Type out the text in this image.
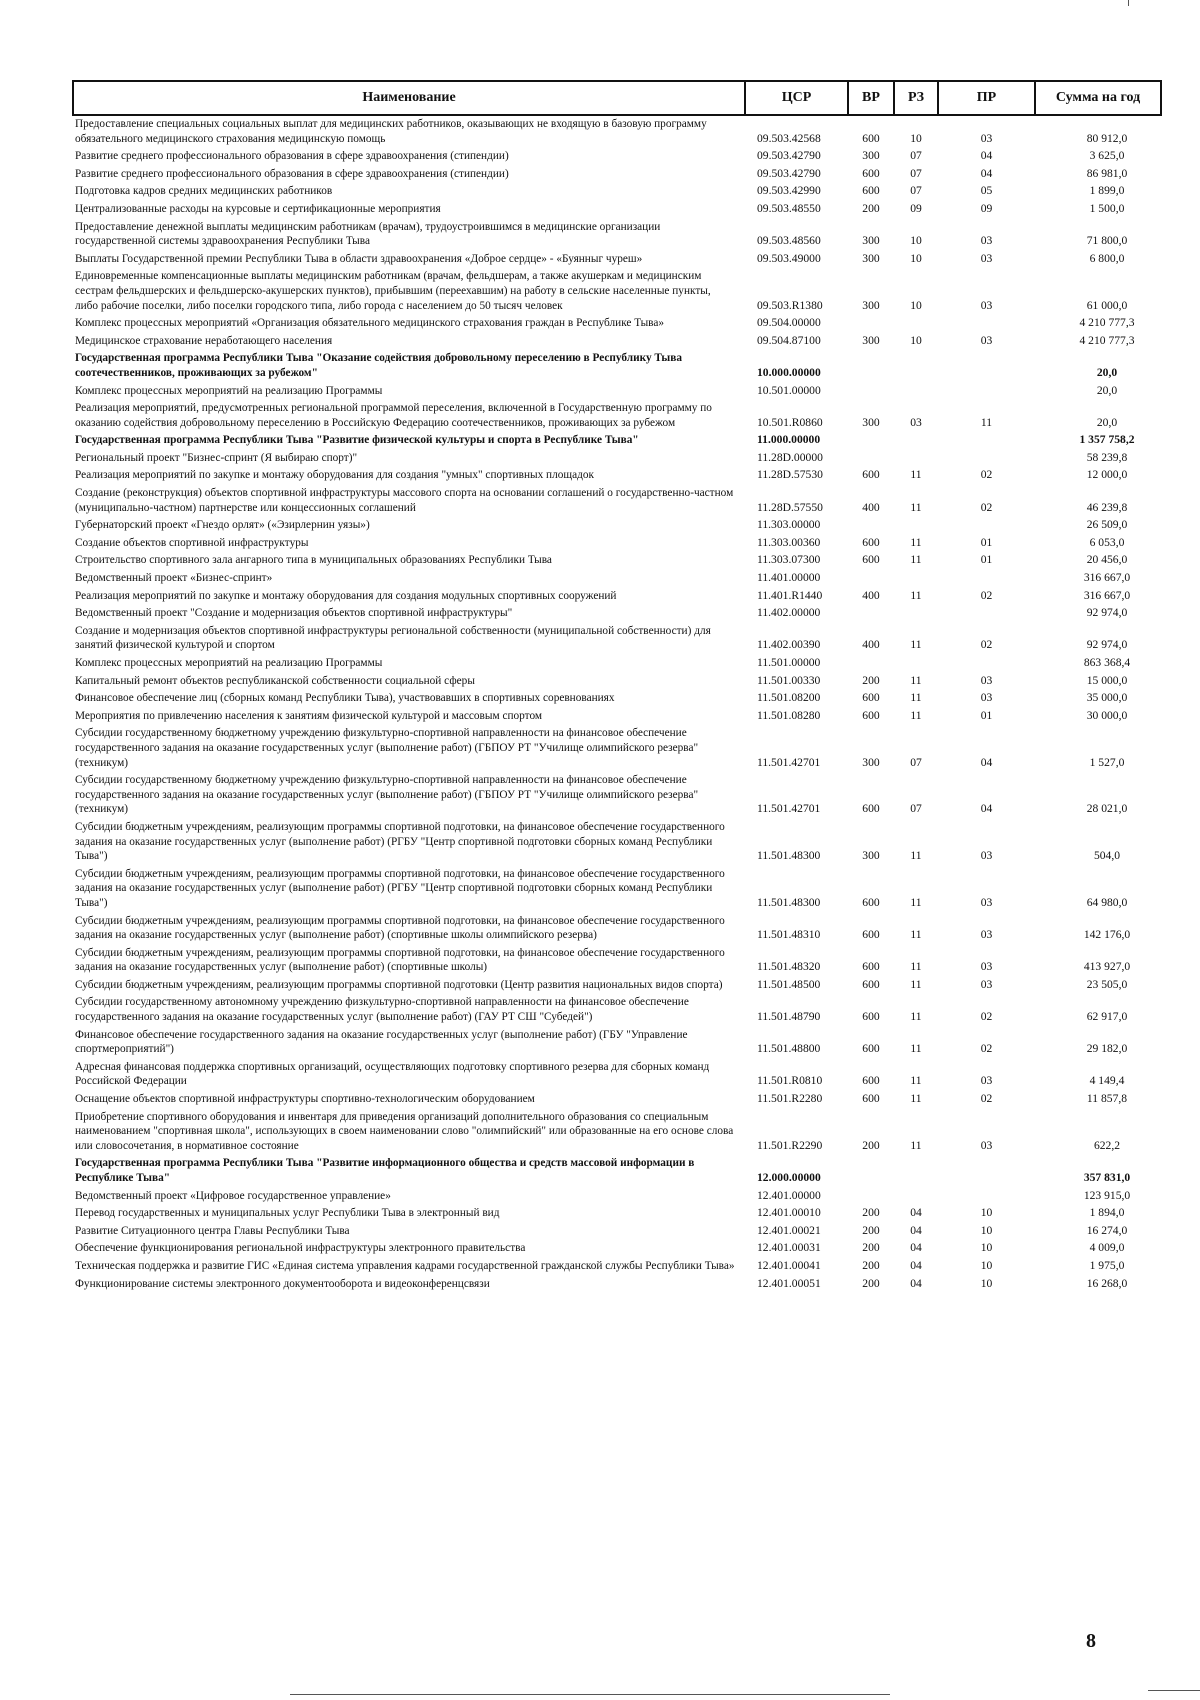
Наименование	ЦСР	ВР	РЗ	ПР	Сумма на год
Предоставление специальных социальных выплат для медицинских работников, оказывающих не входящую в базовую программу обязательного медицинского страхования медицинскую помощь	09.503.42568	600	10	03	80 912,0
Развитие среднего профессионального образования в сфере здравоохранения (стипендии)	09.503.42790	300	07	04	3 625,0
Развитие среднего профессионального образования в сфере здравоохранения (стипендии)	09.503.42790	600	07	04	86 981,0
Подготовка кадров средних медицинских работников	09.503.42990	600	07	05	1 899,0
Централизованные расходы на курсовые и сертификационные мероприятия	09.503.48550	200	09	09	1 500,0
Предоставление денежной выплаты медицинским работникам (врачам), трудоустроившимся в медицинские организации государственной системы здравоохранения Республики Тыва	09.503.48560	300	10	03	71 800,0
Выплаты Государственной премии Республики Тыва в области здравоохранения «Доброе сердце» - «Буянныг чуреш»	09.503.49000	300	10	03	6 800,0
Единовременные компенсационные выплаты медицинским работникам (врачам, фельдшерам, а также акушеркам и медицинским сестрам фельдшерских и фельдшерско-акушерских пунктов), прибывшим (переехавшим) на работу в сельские населенные пункты, либо рабочие поселки, либо поселки городского типа, либо города с населением до 50 тысяч человек	09.503.R1380	300	10	03	61 000,0
Комплекс процессных мероприятий «Организация обязательного медицинского страхования граждан в Республике Тыва»	09.504.00000				4 210 777,3
Медицинское страхование неработающего населения	09.504.87100	300	10	03	4 210 777,3
Государственная программа Республики Тыва "Оказание содействия добровольному переселению в Республику Тыва соотечественников, проживающих за рубежом"	10.000.00000				20,0
Комплекс процессных мероприятий на реализацию Программы	10.501.00000				20,0
Реализация мероприятий, предусмотренных региональной программой переселения, включенной в Государственную программу по оказанию содействия добровольному переселению в Российскую Федерацию соотечественников, проживающих за рубежом	10.501.R0860	300	03	11	20,0
Государственная программа Республики Тыва "Развитие физической культуры и спорта в Республике Тыва"	11.000.00000				1 357 758,2
Региональный проект "Бизнес-спринт (Я выбираю спорт)"	11.28D.00000				58 239,8
Реализация мероприятий по закупке и монтажу оборудования для создания "умных" спортивных площадок	11.28D.57530	600	11	02	12 000,0
Создание (реконструкция) объектов спортивной инфраструктуры массового спорта на основании соглашений о государственно-частном (муниципально-частном) партнерстве или концессионных соглашений	11.28D.57550	400	11	02	46 239,8
Губернаторский проект «Гнездо орлят» («Эзирлернин уязы»)	11.303.00000				26 509,0
Создание объектов спортивной инфраструктуры	11.303.00360	600	11	01	6 053,0
Строительство спортивного зала ангарного типа в муниципальных образованиях Республики Тыва	11.303.07300	600	11	01	20 456,0
Ведомственный проект «Бизнес-спринт»	11.401.00000				316 667,0
Реализация мероприятий по закупке и монтажу оборудования для создания модульных спортивных сооружений	11.401.R1440	400	11	02	316 667,0
Ведомственный проект "Создание и модернизация объектов спортивной инфраструктуры"	11.402.00000				92 974,0
Создание и модернизация объектов спортивной инфраструктуры региональной собственности (муниципальной собственности) для занятий физической культурой и спортом	11.402.00390	400	11	02	92 974,0
Комплекс процессных мероприятий на реализацию Программы	11.501.00000				863 368,4
Капитальный ремонт объектов республиканской собственности социальной сферы	11.501.00330	200	11	03	15 000,0
Финансовое обеспечение лиц (сборных команд Республики Тыва), участвовавших в спортивных соревнованиях	11.501.08200	600	11	03	35 000,0
Мероприятия по привлечению населения к занятиям физической культурой и массовым спортом	11.501.08280	600	11	01	30 000,0
Субсидии государственному бюджетному учреждению физкультурно-спортивной направленности на финансовое обеспечение государственного задания на оказание государственных услуг (выполнение работ) (ГБПОУ РТ "Училище олимпийского резерва" (техникум)	11.501.42701	300	07	04	1 527,0
Субсидии государственному бюджетному учреждению физкультурно-спортивной направленности на финансовое обеспечение государственного задания на оказание государственных услуг (выполнение работ) (ГБПОУ РТ "Училище олимпийского резерва" (техникум)	11.501.42701	600	07	04	28 021,0
Субсидии бюджетным учреждениям, реализующим программы спортивной подготовки, на финансовое обеспечение государственного задания на оказание государственных услуг (выполнение работ) (РГБУ "Центр спортивной подготовки сборных команд Республики Тыва")	11.501.48300	300	11	03	504,0
Субсидии бюджетным учреждениям, реализующим программы спортивной подготовки, на финансовое обеспечение государственного задания на оказание государственных услуг (выполнение работ) (РГБУ "Центр спортивной подготовки сборных команд Республики Тыва")	11.501.48300	600	11	03	64 980,0
Субсидии бюджетным учреждениям, реализующим программы спортивной подготовки, на финансовое обеспечение государственного задания на оказание государственных услуг (выполнение работ) (спортивные школы олимпийского резерва)	11.501.48310	600	11	03	142 176,0
Субсидии бюджетным учреждениям, реализующим программы спортивной подготовки, на финансовое обеспечение государственного задания на оказание государственных услуг (выполнение работ) (спортивные школы)	11.501.48320	600	11	03	413 927,0
Субсидии бюджетным учреждениям, реализующим программы спортивной подготовки (Центр развития национальных видов спорта)	11.501.48500	600	11	03	23 505,0
Субсидии государственному автономному учреждению физкультурно-спортивной направленности на финансовое обеспечение государственного задания на оказание государственных услуг (выполнение работ) (ГАУ РТ СШ "Субедей")	11.501.48790	600	11	02	62 917,0
Финансовое обеспечение государственного задания на оказание государственных услуг (выполнение работ) (ГБУ "Управление спортмероприятий")	11.501.48800	600	11	02	29 182,0
Адресная финансовая поддержка спортивных организаций, осуществляющих подготовку спортивного резерва для сборных команд Российской Федерации	11.501.R0810	600	11	03	4 149,4
Оснащение объектов спортивной инфраструктуры спортивно-технологическим оборудованием	11.501.R2280	600	11	02	11 857,8
Приобретение спортивного оборудования и инвентаря для приведения организаций дополнительного образования со специальным наименованием "спортивная школа", использующих в своем наименовании слово "олимпийский" или образованные на его основе слова или словосочетания, в нормативное состояние	11.501.R2290	200	11	03	622,2
Государственная программа Республики Тыва "Развитие информационного общества и средств массовой информации в Республике Тыва"	12.000.00000				357 831,0
Ведомственный проект «Цифровое государственное управление»	12.401.00000				123 915,0
Перевод государственных и муниципальных услуг Республики Тыва в электронный вид	12.401.00010	200	04	10	1 894,0
Развитие Ситуационного центра Главы Республики Тыва	12.401.00021	200	04	10	16 274,0
Обеспечение функционирования региональной инфраструктуры электронного правительства	12.401.00031	200	04	10	4 009,0
Техническая поддержка и развитие ГИС «Единая система управления кадрами государственной гражданской службы Республики Тыва»	12.401.00041	200	04	10	1 975,0
Функционирование системы электронного документооборота и видеоконференцсвязи	12.401.00051	200	04	10	16 268,0
8
